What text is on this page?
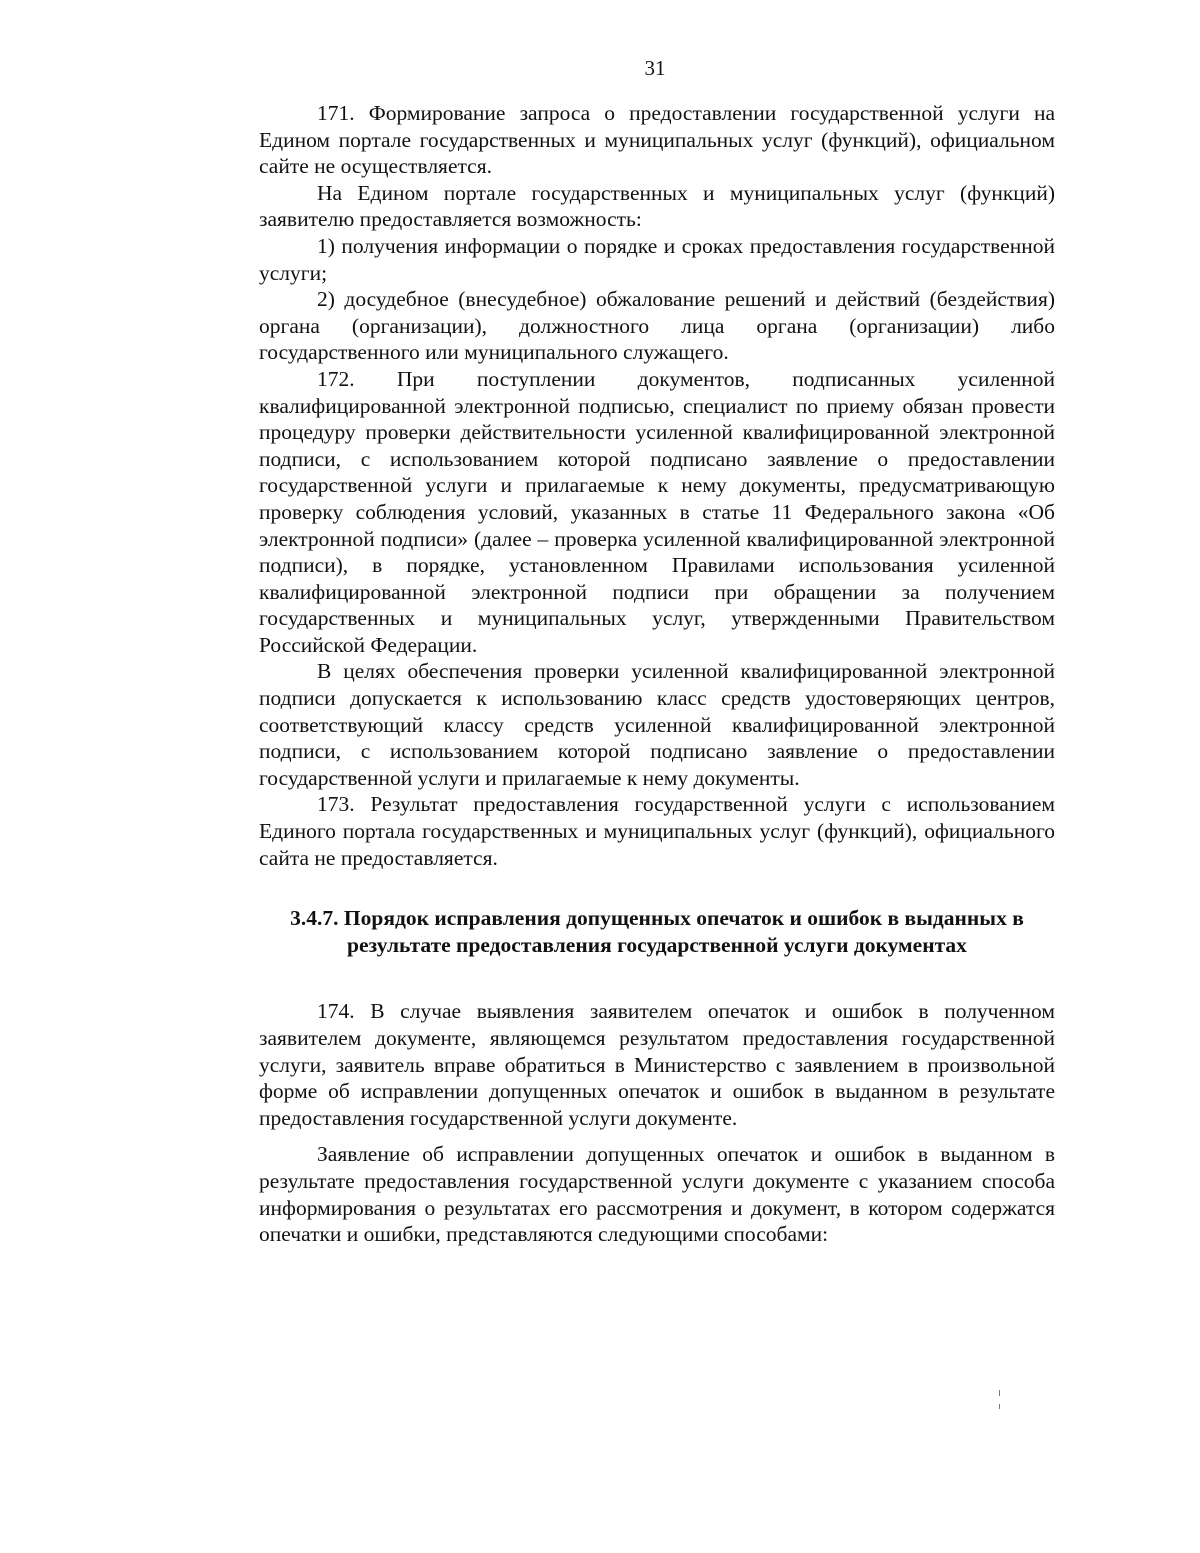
31

171. Формирование запроса о предоставлении государственной услуги на Едином портале государственных и муниципальных услуг (функций), официальном сайте не осуществляется.

На Едином портале государственных и муниципальных услуг (функций) заявителю предоставляется возможность:

1) получения информации о порядке и сроках предоставления государственной услуги;

2) досудебное (внесудебное) обжалование решений и действий (бездействия) органа (организации), должностного лица органа (организации) либо государственного или муниципального служащего.

172. При поступлении документов, подписанных усиленной квалифицированной электронной подписью, специалист по приему обязан провести процедуру проверки действительности усиленной квалифицированной электронной подписи, с использованием которой подписано заявление о предоставлении государственной услуги и прилагаемые к нему документы, предусматривающую проверку соблюдения условий, указанных в статье 11 Федерального закона «Об электронной подписи» (далее – проверка усиленной квалифицированной электронной подписи), в порядке, установленном Правилами использования усиленной квалифицированной электронной подписи при обращении за получением государственных и муниципальных услуг, утвержденными Правительством Российской Федерации.

В целях обеспечения проверки усиленной квалифицированной электронной подписи допускается к использованию класс средств удостоверяющих центров, соответствующий классу средств усиленной квалифицированной электронной подписи, с использованием которой подписано заявление о предоставлении государственной услуги и прилагаемые к нему документы.

173. Результат предоставления государственной услуги с использованием Единого портала государственных и муниципальных услуг (функций), официального сайта не предоставляется.

3.4.7. Порядок исправления допущенных опечаток и ошибок в выданных в результате предоставления государственной услуги документах

174. В случае выявления заявителем опечаток и ошибок в полученном заявителем документе, являющемся результатом предоставления государственной услуги, заявитель вправе обратиться в Министерство с заявлением в произвольной форме об исправлении допущенных опечаток и ошибок в выданном в результате предоставления государственной услуги документе.

Заявление об исправлении допущенных опечаток и ошибок в выданном в результате предоставления государственной услуги документе с указанием способа информирования о результатах его рассмотрения и документ, в котором содержатся опечатки и ошибки, представляются следующими способами:
